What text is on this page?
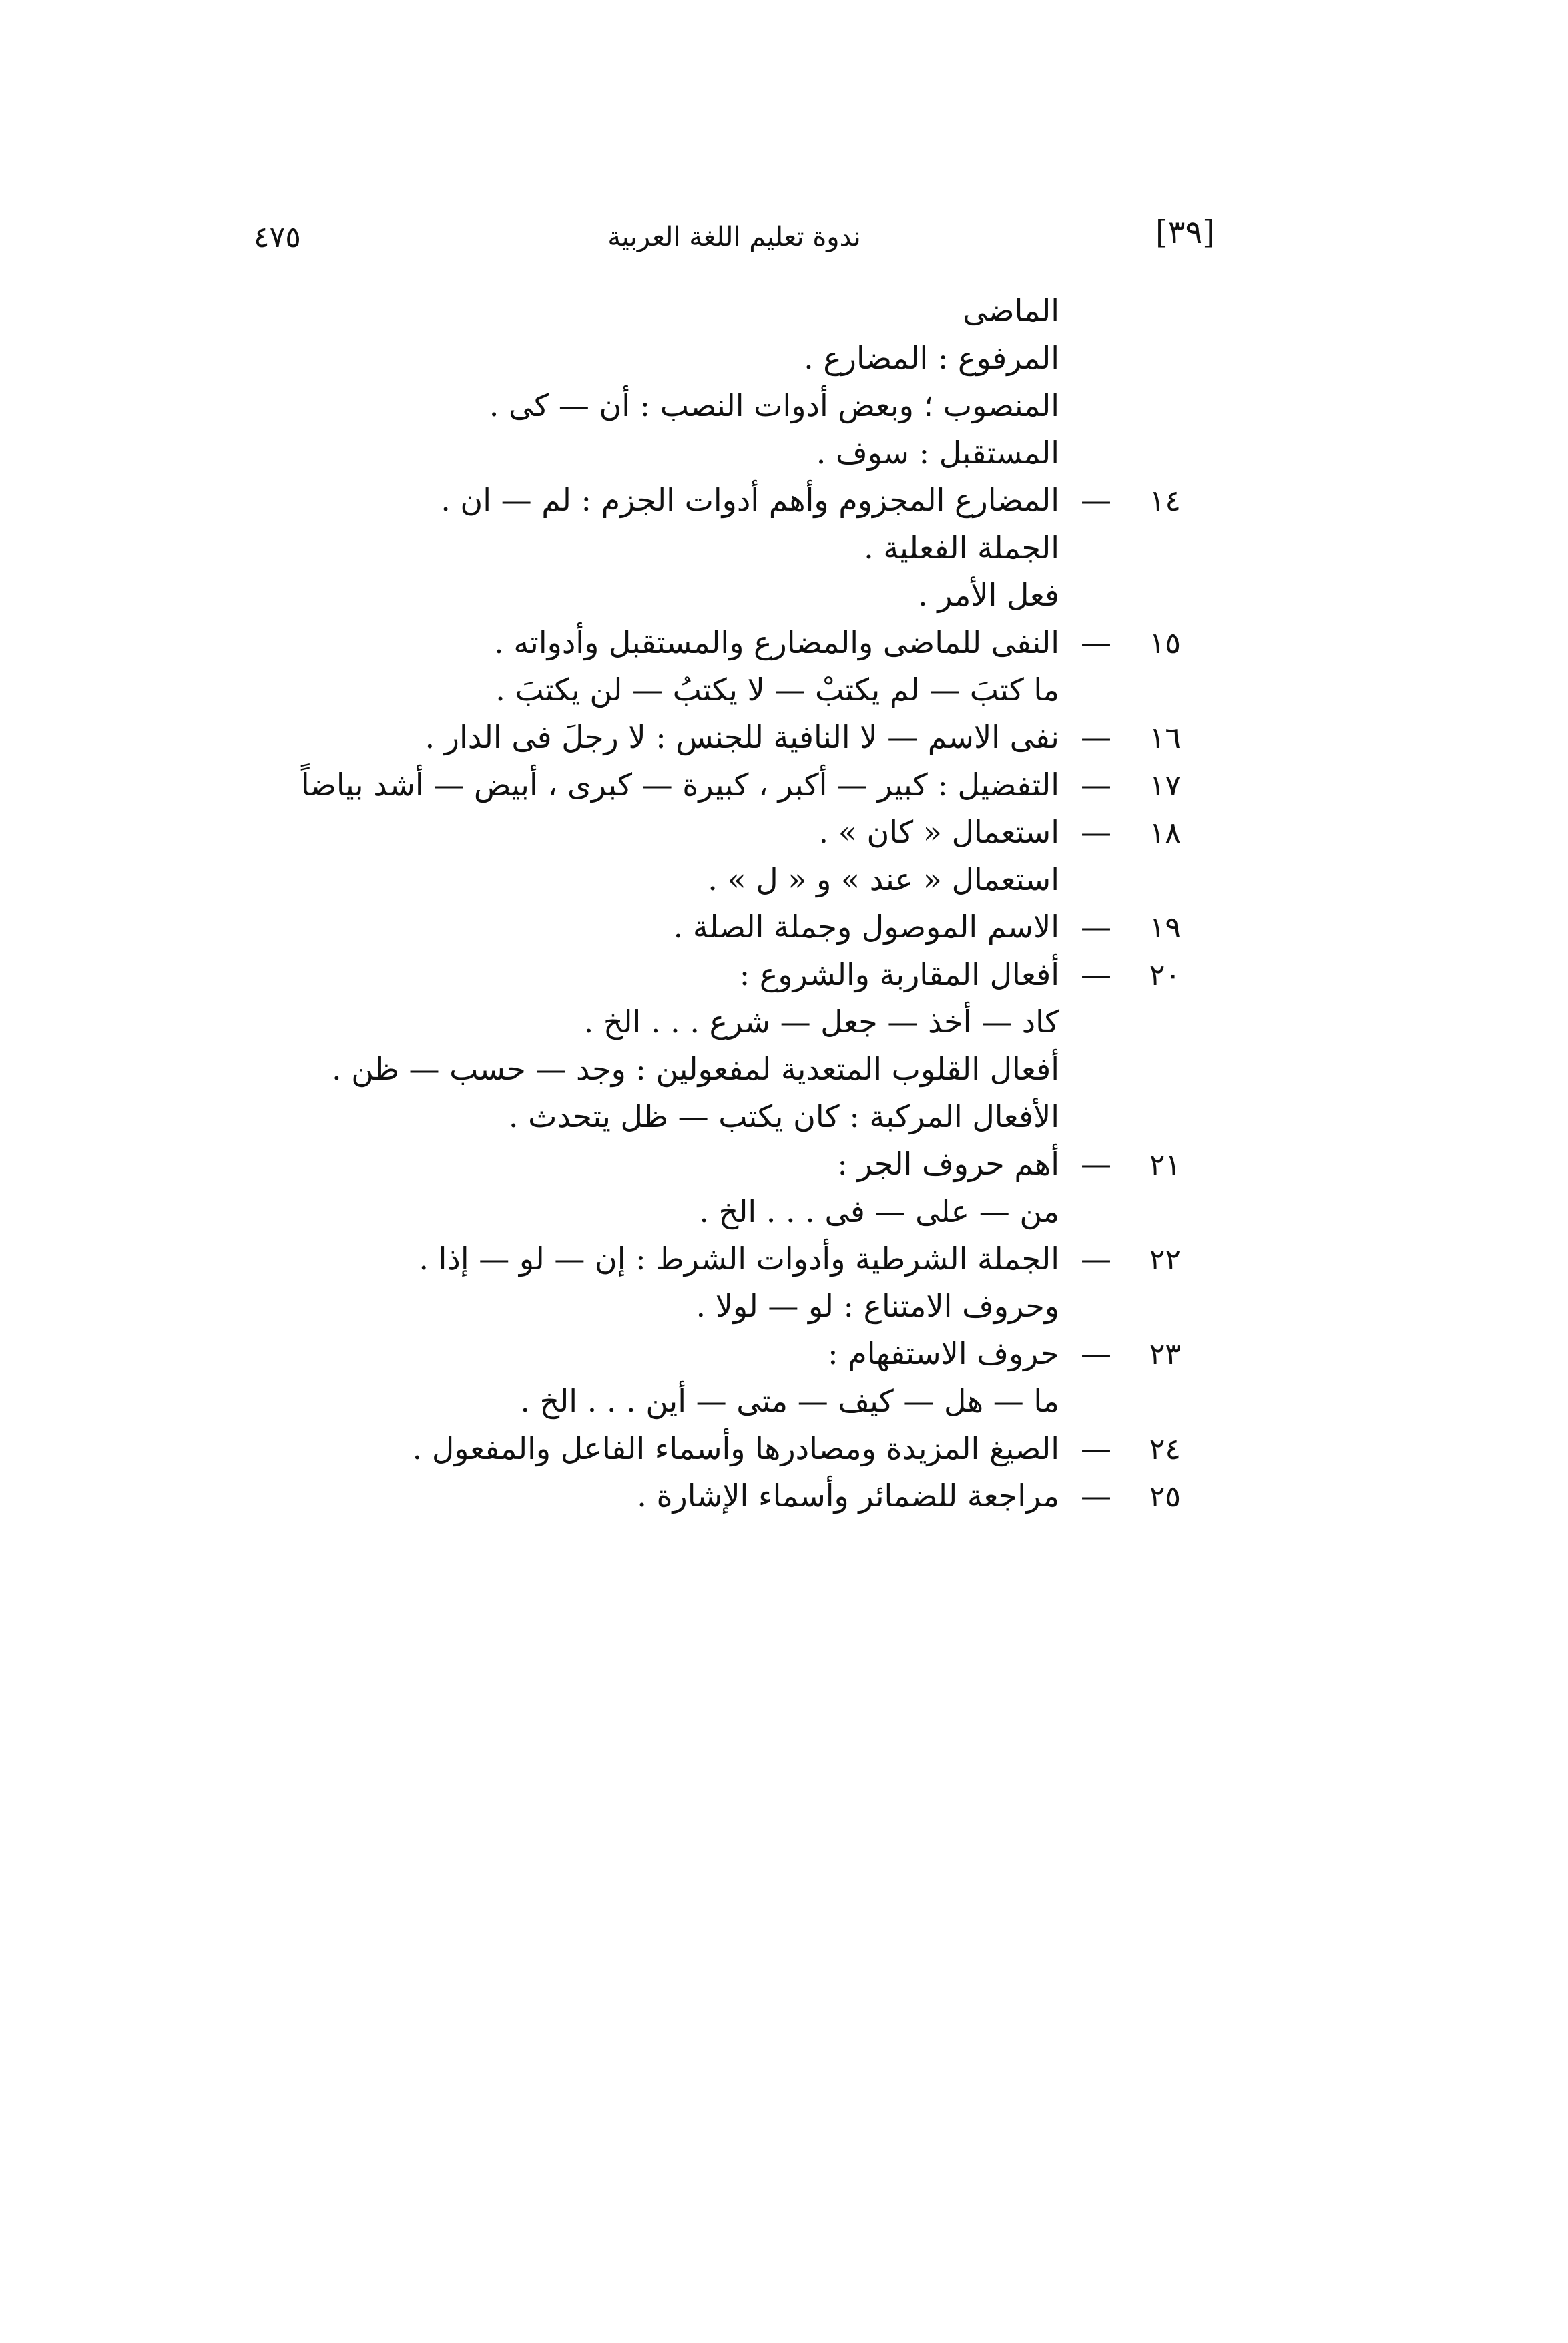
٤٧٥	ندوة تعليم اللغة العربية	[٣٩]
الماضى
المرفوع : المضارع .
المنصوب ؛ وبعض أدوات النصب : أن — كى .
المستقبل : سوف .
١٤
—
المضارع المجزوم وأهم أدوات الجزم : لم — ان .
الجملة الفعلية .
فعل الأمر .
١٥
—
النفى للماضى والمضارع والمستقبل وأدواته .
ما كتبَ — لم يكتبْ — لا يكتبُ — لن يكتبَ .
١٦
—
نفى الاسم — لا النافية للجنس : لا رجلَ فى الدار .
١٧
—
التفضيل : كبير — أكبر ، كبيرة — كبرى ، أبيض — أشد بياضاً
١٨
—
استعمال « كان » .
استعمال « عند » و « ل » .
١٩
—
الاسم الموصول وجملة الصلة .
٢٠
—
أفعال المقاربة والشروع :
كاد — أخذ — جعل — شرع . . . الخ .
أفعال القلوب المتعدية لمفعولين : وجد — حسب — ظن .
الأفعال المركبة : كان يكتب — ظل يتحدث .
٢١
—
أهم حروف الجر :
من — على — فى . . . الخ .
٢٢
—
الجملة الشرطية وأدوات الشرط : إن — لو — إذا .
وحروف الامتناع : لو — لولا .
٢٣
—
حروف الاستفهام :
ما — هل — كيف — متى — أين . . . الخ .
٢٤
—
الصيغ المزيدة ومصادرها وأسماء الفاعل والمفعول .
٢٥
—
مراجعة للضمائر وأسماء الإشارة .
